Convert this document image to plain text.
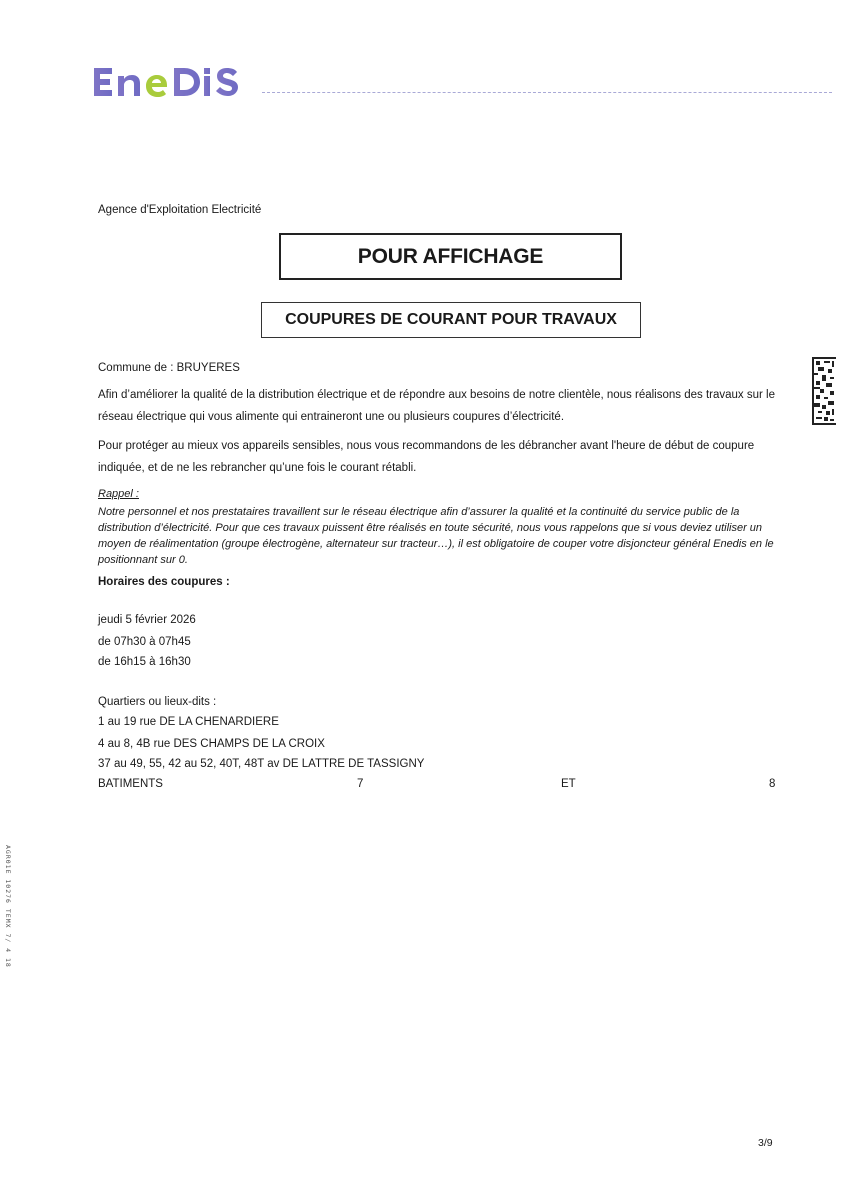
Agence d'Exploitation Electricité
POUR AFFICHAGE
COUPURES DE COURANT POUR TRAVAUX
Commune de : BRUYERES
Afin d’améliorer la qualité de la distribution électrique et de répondre aux besoins de notre clientèle, nous réalisons des travaux sur le réseau électrique qui vous alimente qui entraineront une ou plusieurs coupures d’électricité.
Pour protéger au mieux vos appareils sensibles, nous vous recommandons de les débrancher avant l'heure de début de coupure indiquée, et de ne les rebrancher qu’une fois le courant rétabli.
Rappel :
Notre personnel et nos prestataires travaillent sur le réseau électrique afin d’assurer la qualité et la continuité du service public de la distribution d’électricité. Pour que ces travaux puissent être réalisés en toute sécurité, nous vous rappelons que si vous deviez utiliser un moyen de réalimentation (groupe électrogène, alternateur sur tracteur…), il est obligatoire de couper votre disjoncteur général Enedis en le positionnant sur 0.
Horaires des coupures :
jeudi 5 février 2026
de 07h30 à 07h45
de 16h15 à 16h30
Quartiers ou lieux-dits :
1 au 19 rue DE LA CHENARDIERE
4 au 8, 4B rue DES CHAMPS DE LA CROIX
37 au 49, 55, 42 au 52, 40T, 48T av DE LATTRE DE TASSIGNY
BATIMENTS	7	ET	8
AGR01E 10276 TEMX 7/ 4 18
3/9
